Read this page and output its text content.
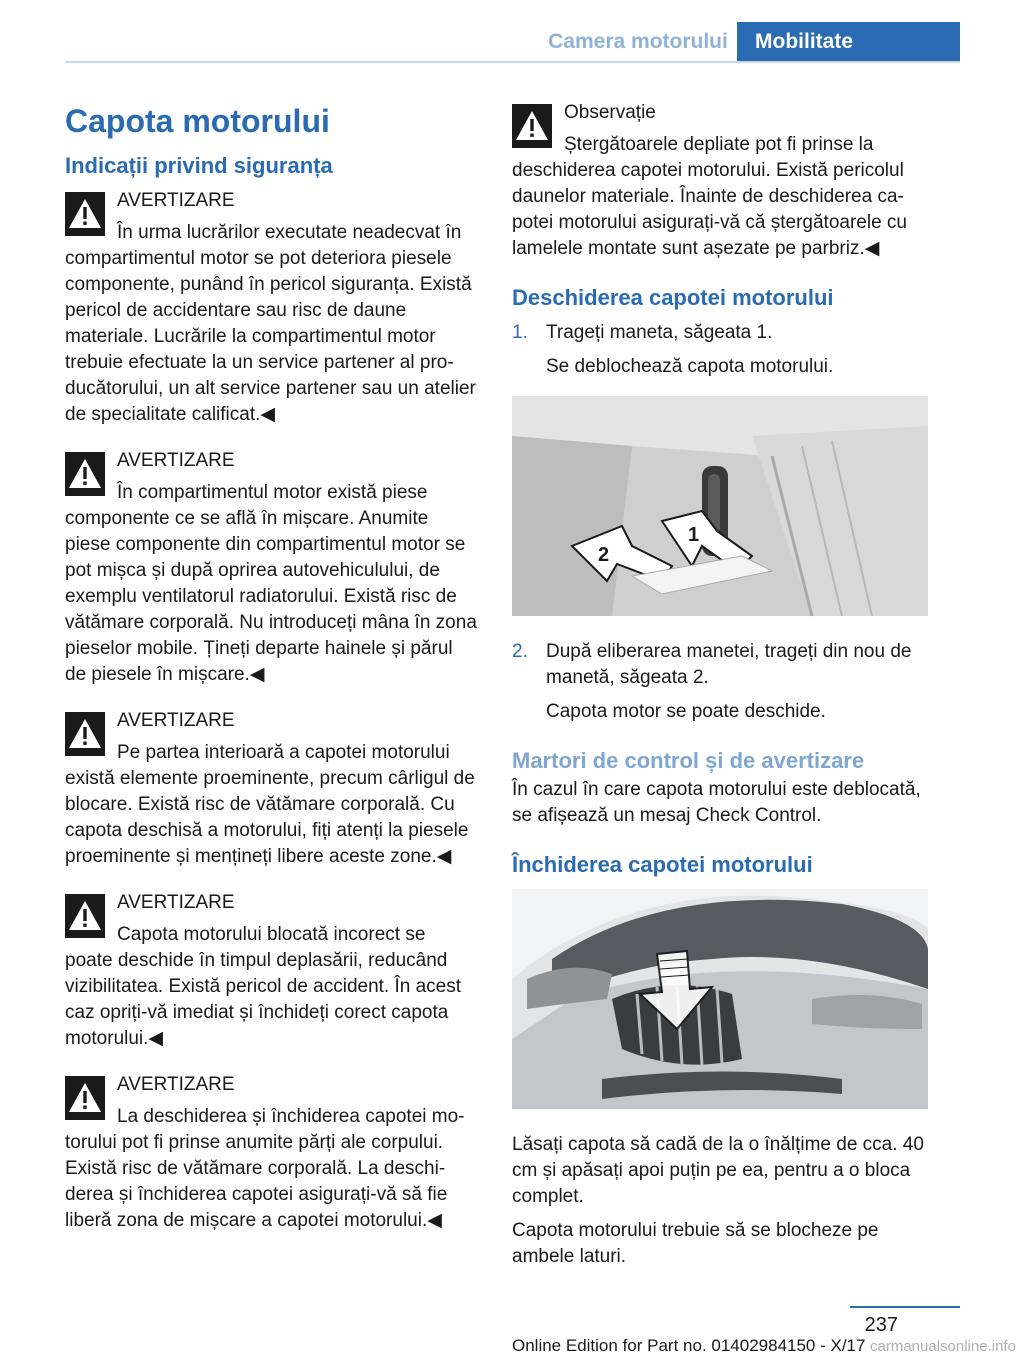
Camera motorului	Mobilitate
Capota motorului
Indicații privind siguranța

AVERTIZARE

În urma lucrărilor executate neadecvat în compartimentul motor se pot deteriora piesele componente, punând în pericol siguranța. Există pericol de accidentare sau risc de daune materiale. Lucrările la compartimentul motor trebuie efectuate la un service partener al producătorului, un alt service partener sau un atelier de specialitate calificat.◀

AVERTIZARE

În compartimentul motor există piese componente ce se află în mișcare. Anumite piese componente din compartimentul motor se pot mișca și după oprirea autovehiculului, de exemplu ventilatorul radiatorului. Există risc de vătămare corporală. Nu introduceți mâna în zona pieselor mobile. Țineți departe hainele și părul de piesele în mișcare.◀

AVERTIZARE

Pe partea interioară a capotei motorului există elemente proeminente, precum cârligul de blocare. Există risc de vătămare corporală. Cu capota deschisă a motorului, fiți atenți la piesele proeminente și mențineți libere aceste zone.◀

AVERTIZARE

Capota motorului blocată incorect se poate deschide în timpul deplasării, reducând vizibilitatea. Există pericol de accident. În acest caz opriți-vă imediat și închideți corect capota motorului.◀

AVERTIZARE

La deschiderea și închiderea capotei motorului pot fi prinse anumite părți ale corpului. Există risc de vătămare corporală. La deschiderea și închiderea capotei asigurați-vă să fie liberă zona de mișcare a capotei motorului.◀

Observație

Ștergătoarele depliate pot fi prinse la deschiderea capotei motorului. Există pericolul daunelor materiale. Înainte de deschiderea capotei motorului asigurați-vă că ștergătoarele cu lamelele montate sunt așezate pe parbriz.◀

Deschiderea capotei motorului
1. Trageți maneta, săgeata 1.
Se deblochează capota motorului.
2
1
2. După eliberarea manetei, trageți din nou de manetă, săgeata 2.
Capota motor se poate deschide.
Martori de control și de avertizare

În cazul în care capota motorului este deblocată, se afișează un mesaj Check Control.

Închiderea capotei motorului

Lăsați capota să cadă de la o înălțime de cca. 40 cm și apăsați apoi puțin pe ea, pentru a o bloca complet.

Capota motorului trebuie să se blocheze pe ambele laturi.

237
Online Edition for Part no. 01402984150 - X/17 carmanualsonline.info
